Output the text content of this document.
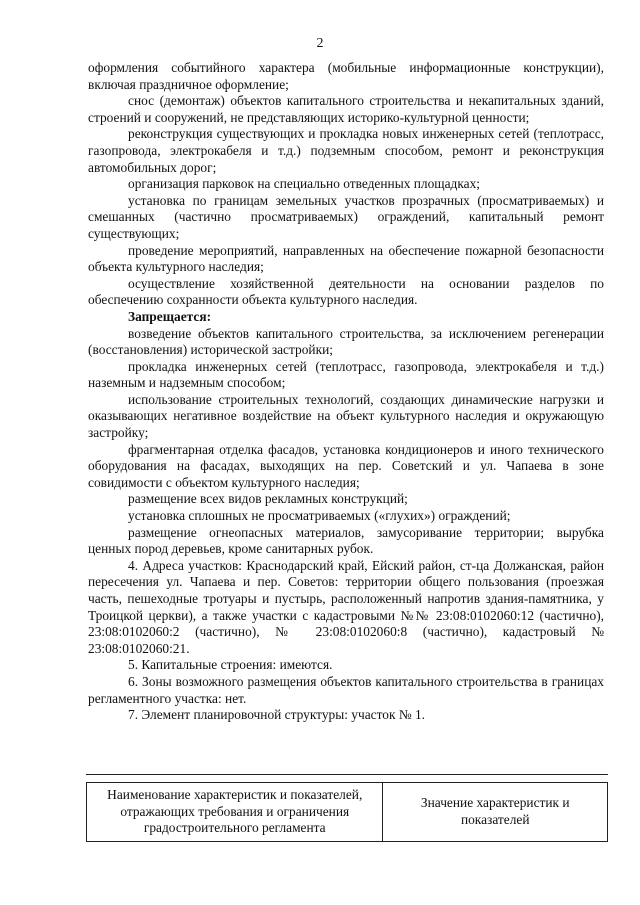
2

оформления событийного характера (мобильные информационные конструкции), включая праздничное оформление;

снос (демонтаж) объектов капитального строительства и некапитальных зданий, строений и сооружений, не представляющих историко-культурной ценности;

реконструкция существующих и прокладка новых инженерных сетей (теплотрасс, газопровода, электрокабеля и т.д.) подземным способом, ремонт и реконструкция автомобильных дорог;

организация парковок на специально отведенных площадках;

установка по границам земельных участков прозрачных (просматриваемых) и смешанных (частично просматриваемых) ограждений, капитальный ремонт существующих;

проведение мероприятий, направленных на обеспечение пожарной безопасности объекта культурного наследия;

осуществление хозяйственной деятельности на основании разделов по обеспечению сохранности объекта культурного наследия.

Запрещается:

возведение объектов капитального строительства, за исключением регенерации (восстановления) исторической застройки;

прокладка инженерных сетей (теплотрасс, газопровода, электрокабеля и т.д.) наземным и надземным способом;

использование строительных технологий, создающих динамические нагрузки и оказывающих негативное воздействие на объект культурного наследия и окружающую застройку;

фрагментарная отделка фасадов, установка кондиционеров и иного технического оборудования на фасадах, выходящих на пер. Советский и ул. Чапаева в зоне совидимости с объектом культурного наследия;

размещение всех видов рекламных конструкций;

установка сплошных не просматриваемых («глухих») ограждений;

размещение огнеопасных материалов, замусоривание территории; вырубка ценных пород деревьев, кроме санитарных рубок.

4. Адреса участков: Краснодарский край, Ейский район, ст-ца Должанская, район пересечения ул. Чапаева и пер. Советов: территории общего пользования (проезжая часть, пешеходные тротуары и пустырь, расположенный напротив здания-памятника, у Троицкой церкви), а также участки с кадастровыми №№ 23:08:0102060:12 (частично), 23:08:0102060:2 (частично), № 23:08:0102060:8 (частично), кадастровый № 23:08:0102060:21.

5. Капитальные строения: имеются.

6. Зоны возможного размещения объектов капитального строительства в границах регламентного участка: нет.

7. Элемент планировочной структуры: участок № 1.

Наименование характеристик и показателей, отражающих требования и ограничения градостроительного регламента	Значение характеристик и показателей
